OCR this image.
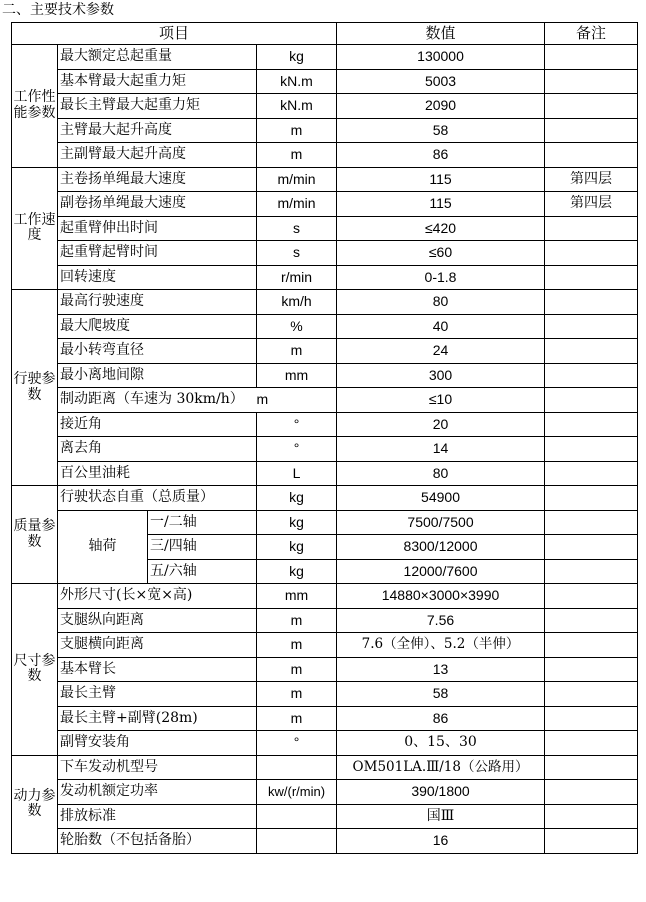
二、主要技术参数
项目				数值	备注
工作性能参数	最大额定总起重量		kg	130000	
	基本臂最大起重力矩		kN.m	5003	
	最长主臂最大起重力矩		kN.m	2090	
	主臂最大起升高度		m	58	
	主副臂最大起升高度		m	86	
工作速度	主卷扬单绳最大速度		m/min	115	第四层
	副卷扬单绳最大速度		m/min	115	第四层
	起重臂伸出时间		s	≤420	
	起重臂起臂时间		s	≤60	
	回转速度		r/min	0-1.8	
行驶参数	最高行驶速度		km/h	80	
	最大爬坡度		%	40	
	最小转弯直径		m	24	
	最小离地间隙		mm	300	
	制动距离（车速为 30km/h）		m	≤10	
	接近角		°	20	
	离去角		°	14	
	百公里油耗		L	80	
质量参数	行驶状态自重（总质量）		kg	54900	
	轴荷	一/二轴	kg	7500/7500	
		三/四轴	kg	8300/12000	
		五/六轴	kg	12000/7600	
尺寸参数	外形尺寸(长×宽×高)		mm	14880×3000×3990	
	支腿纵向距离		m	7.56	
	支腿横向距离		m	7.6（全伸）、5.2（半伸）	
	基本臂长		m	13	
	最长主臂		m	58	
	最长主臂+副臂(28m)		m	86	
	副臂安装角		°	0、15、30	
动力参数	下车发动机型号			OM501LA.Ⅲ/18（公路用）	
	发动机额定功率		kw/(r/min)	390/1800	
	排放标准			国Ⅲ	
	轮胎数（不包括备胎）			16	
